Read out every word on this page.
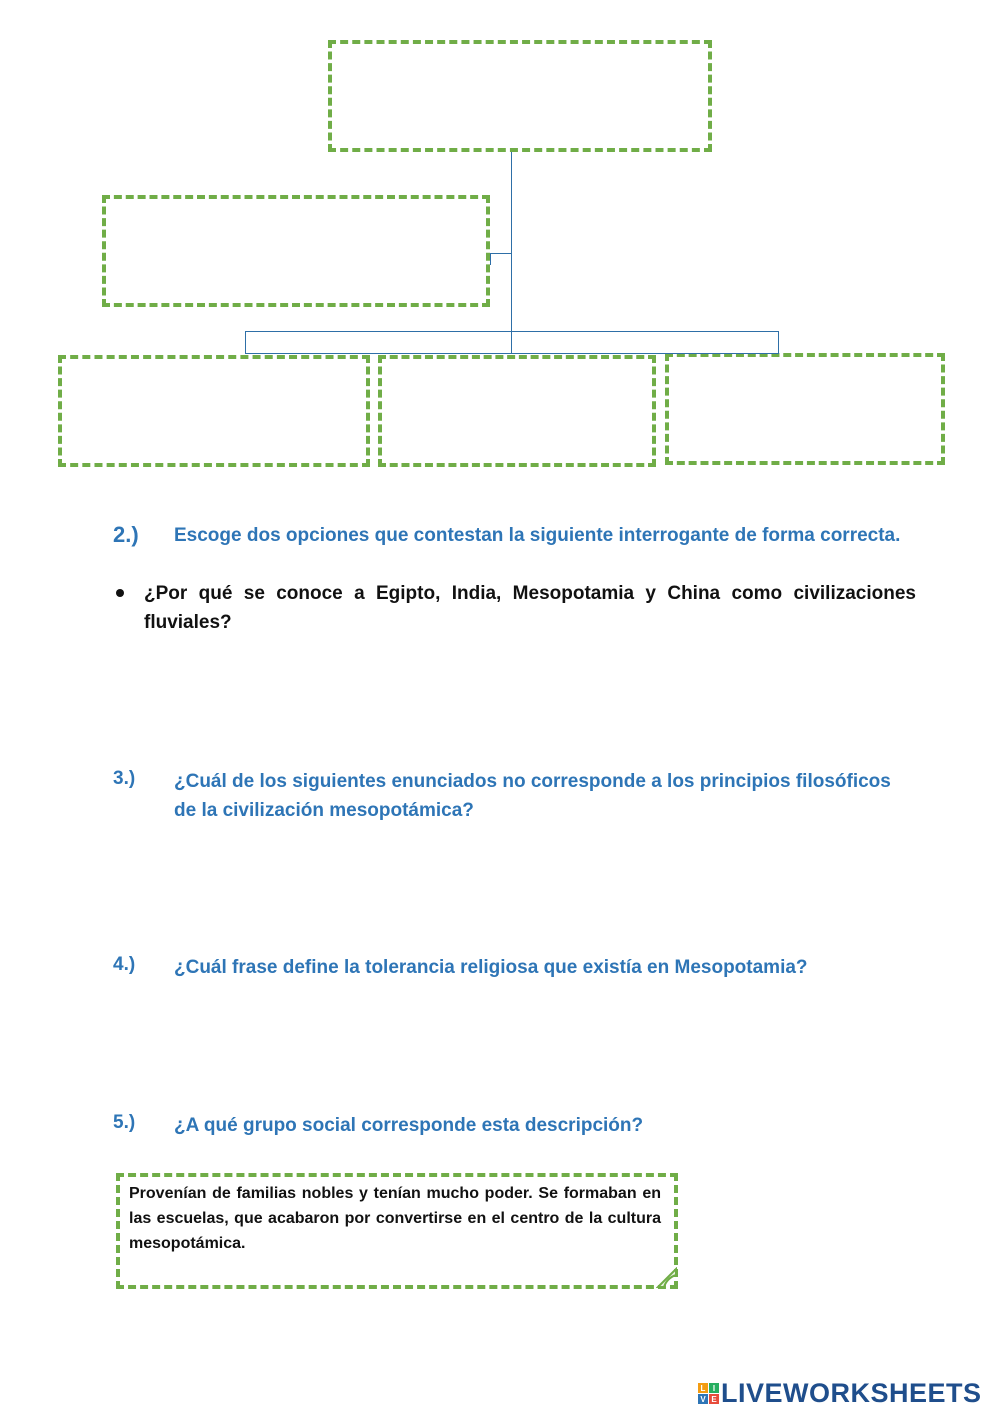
2.) Escoge dos opciones que contestan la siguiente interrogante de forma correcta.
¿Por qué se conoce a Egipto, India, Mesopotamia y China como civilizaciones fluviales?
3.) ¿Cuál de los siguientes enunciados no corresponde a los principios filosóficos de la civilización mesopotámica?
4.) ¿Cuál frase define la tolerancia religiosa que existía en Mesopotamia?
5.) ¿A qué grupo social corresponde esta descripción?
Provenían de familias nobles y tenían mucho poder. Se formaban en las escuelas, que acabaron por convertirse en el centro de la cultura mesopotámica.
L I
V E LIVEWORKSHEETS
